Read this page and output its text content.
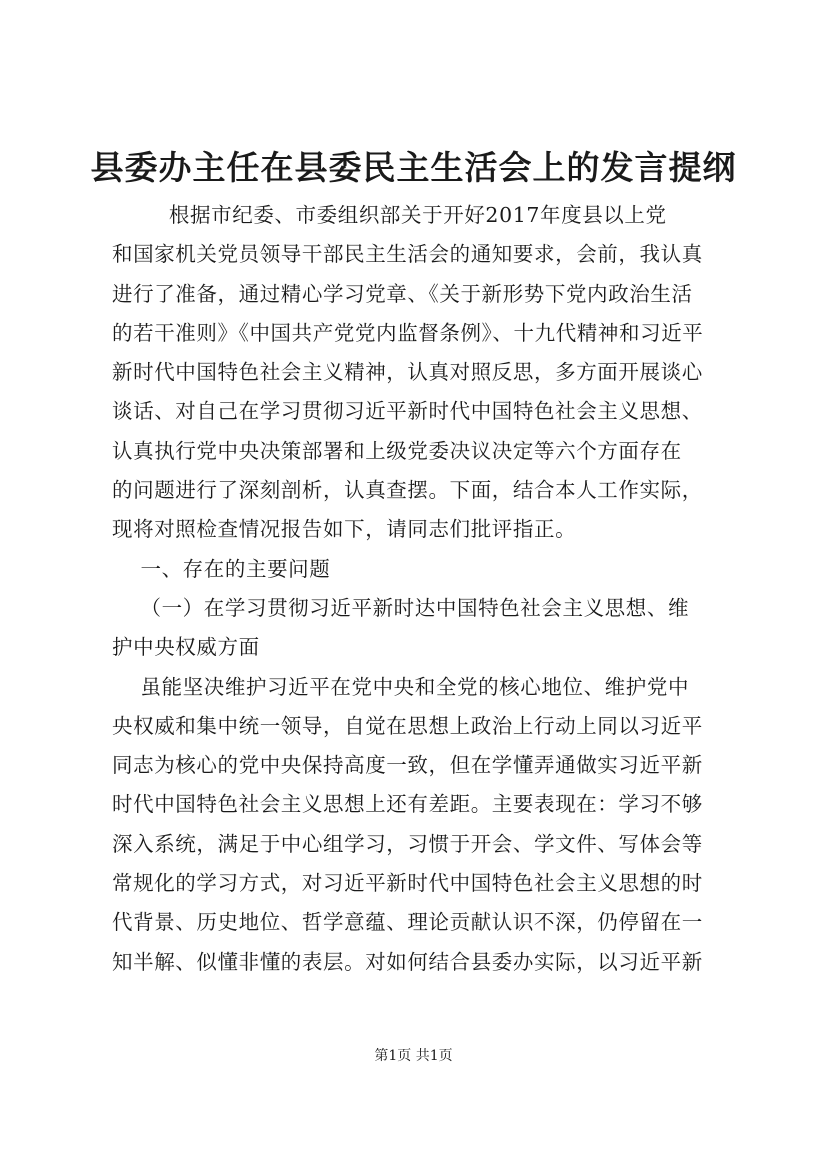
县委办主任在县委民主生活会上的发言提纲
根据市纪委、市委组织部关于开好2017年度县以上党
和国家机关党员领导干部民主生活会的通知要求，会前，我认真
进行了准备，通过精心学习党章、《关于新形势下党内政治生活
的若干准则》《中国共产党党内监督条例》、十九代精神和习近平
新时代中国特色社会主义精神，认真对照反思，多方面开展谈心
谈话、对自己在学习贯彻习近平新时代中国特色社会主义思想、
认真执行党中央决策部署和上级党委决议决定等六个方面存在
的问题进行了深刻剖析，认真查摆。下面，结合本人工作实际，
现将对照检查情况报告如下，请同志们批评指正。
一、存在的主要问题
（一）在学习贯彻习近平新时达中国特色社会主义思想、维
护中央权威方面
虽能坚决维护习近平在党中央和全党的核心地位、维护党中
央权威和集中统一领导，自觉在思想上政治上行动上同以习近平
同志为核心的党中央保持高度一致，但在学懂弄通做实习近平新
时代中国特色社会主义思想上还有差距。主要表现在：学习不够
深入系统，满足于中心组学习，习惯于开会、学文件、写体会等
常规化的学习方式，对习近平新时代中国特色社会主义思想的时
代背景、历史地位、哲学意蕴、理论贡献认识不深，仍停留在一
知半解、似懂非懂的表层。对如何结合县委办实际，以习近平新
第1页 共1页
